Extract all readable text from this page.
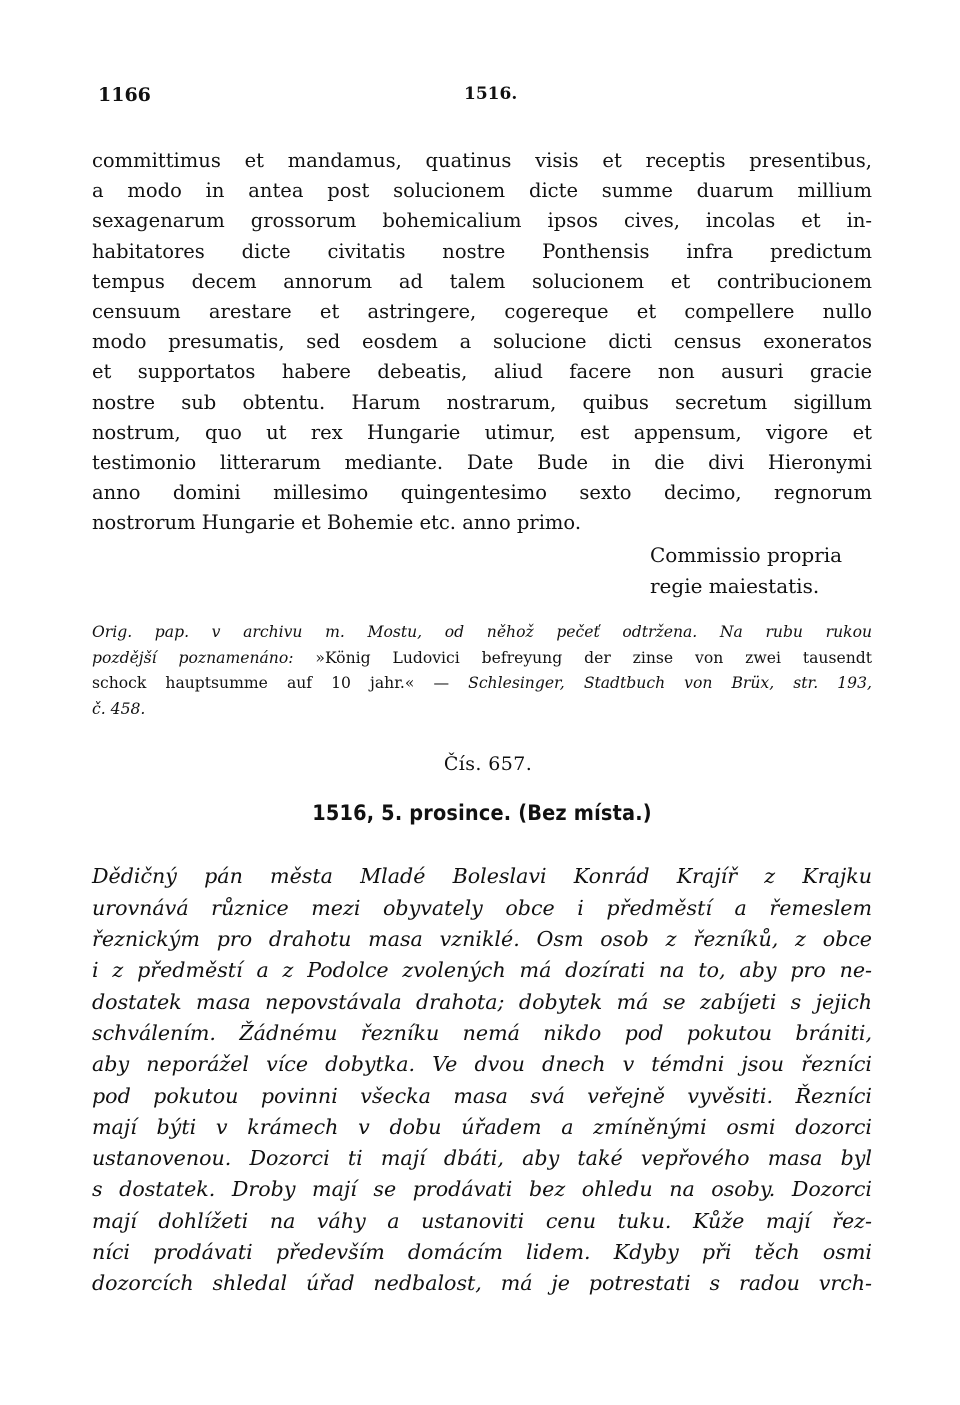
1166	1516.
committimus et mandamus, quatinus visis et receptis presentibus,
a modo in antea post solucionem dicte summe duarum millium
sexagenarum grossorum bohemicalium ipsos cives, incolas et in-
habitatores dicte civitatis nostre Ponthensis infra predictum
tempus decem annorum ad talem solucionem et contribucionem
censuum arestare et astringere, cogereque et compellere nullo
modo presumatis, sed eosdem a solucione dicti census exoneratos
et supportatos habere debeatis, aliud facere non ausuri gracie
nostre sub obtentu. Harum nostrarum, quibus secretum sigillum
nostrum, quo ut rex Hungarie utimur, est appensum, vigore et
testimonio litterarum mediante. Date Bude in die divi Hieronymi
anno domini millesimo quingentesimo sexto decimo, regnorum
nostrorum Hungarie et Bohemie etc. anno primo.
Commissio propria
regie maiestatis.
Orig. pap. v archivu m. Mostu, od něhož pečeť odtržena. Na rubu rukou
pozdější poznamenáno: »König Ludovici befreyung der zinse von zwei tausendt
schock hauptsumme auf 10 jahr.« — Schlesinger, Stadtbuch von Brüx, str. 193,
č. 458.
Čís. 657.
1516, 5. prosince. (Bez místa.)
Dědičný pán města Mladé Boleslavi Konrád Krajíř z Krajku
urovnává různice mezi obyvately obce i předměstí a řemeslem
řeznickým pro drahotu masa vzniklé. Osm osob z řezníků, z obce
i z předměstí a z Podolce zvolených má dozírati na to, aby pro ne-
dostatek masa nepovstávala drahota; dobytek má se zabíjeti s jejich
schválením. Žádnému řezníku nemá nikdo pod pokutou brániti,
aby neporážel více dobytka. Ve dvou dnech v témdni jsou řezníci
pod pokutou povinni všecka masa svá veřejně vyvěsiti. Řezníci
mají býti v krámech v dobu úřadem a zmíněnými osmi dozorci
ustanovenou. Dozorci ti mají dbáti, aby také vepřového masa byl
s dostatek. Droby mají se prodávati bez ohledu na osoby. Dozorci
mají dohlížeti na váhy a ustanoviti cenu tuku. Kůže mají řez-
níci prodávati především domácím lidem. Kdyby při těch osmi
dozorcích shledal úřad nedbalost, má je potrestati s radou vrch-
